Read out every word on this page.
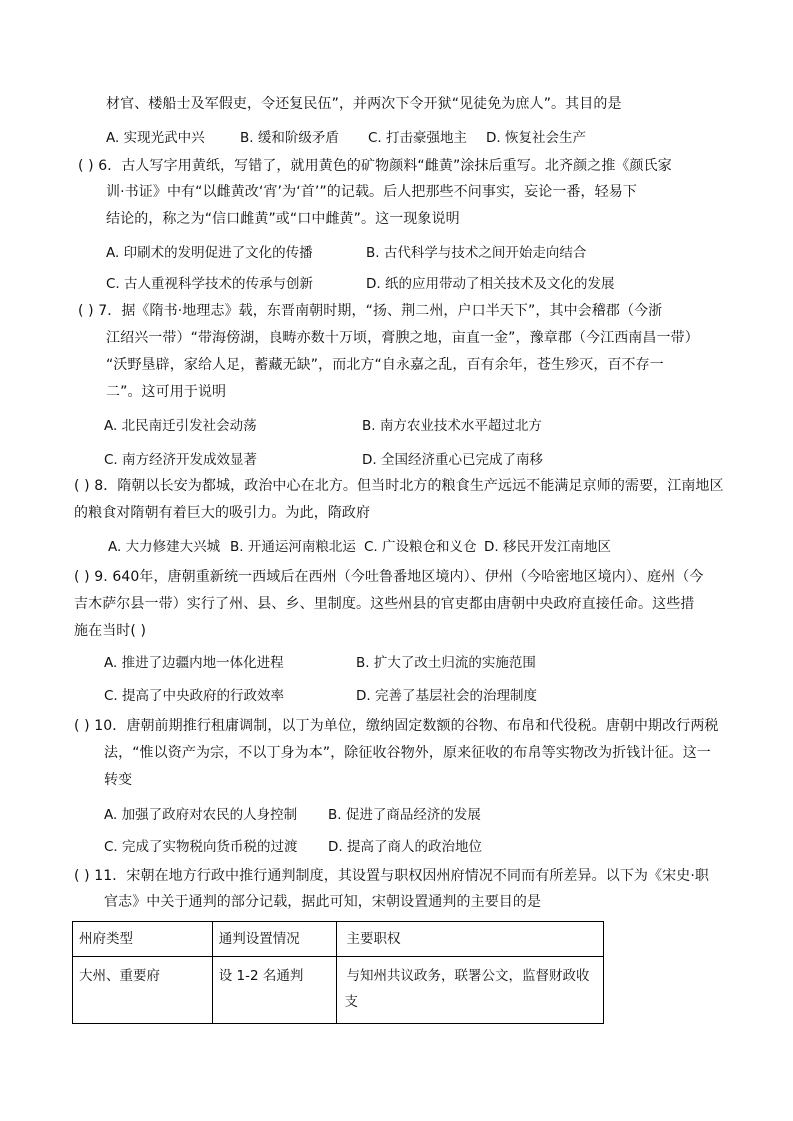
材官、楼船士及军假吏，令还复民伍”，并两次下令开狱“见徒免为庶人”。其目的是
A. 实现光武中兴	B. 缓和阶级矛盾 C. 打击豪强地主 D. 恢复社会生产
( ) 6．古人写字用黄纸，写错了，就用黄色的矿物颜料“雌黄”涂抹后重写。北齐颜之推《颜氏家
训·书证》中有“以雌黄改‘宵’为‘首’”的记载。后人把那些不问事实，妄论一番，轻易下
结论的，称之为“信口雌黄”或“口中雌黄”。这一现象说明
A. 印刷术的发明促进了文化的传播	B. 古代科学与技术之间开始走向结合
C. 古人重视科学技术的传承与创新	D. 纸的应用带动了相关技术及文化的发展
( ) 7．据《隋书·地理志》载，东晋南朝时期，“扬、荆二州，户口半天下”，其中会稽郡（今浙
江绍兴一带）“带海傍湖，良畴亦数十万顷，膏腴之地，亩直一金”，豫章郡（今江西南昌一带）
“沃野垦辟，家给人足，蓄藏无缺”，而北方“自永嘉之乱，百有余年，苍生殄灭，百不存一
二”。这可用于说明
A. 北民南迁引发社会动荡	B. 南方农业技术水平超过北方
C. 南方经济开发成效显著	D. 全国经济重心已完成了南移
( ) 8．隋朝以长安为都城，政治中心在北方。但当时北方的粮食生产远远不能满足京师的需要，江南地区
的粮食对隋朝有着巨大的吸引力。为此，隋政府
A. 大力修建大兴城 B. 开通运河南粮北运 C. 广设粮仓和义仓 D. 移民开发江南地区
( ) 9. 640年，唐朝重新统一西域后在西州（今吐鲁番地区境内）、伊州（今哈密地区境内）、庭州（今
吉木萨尔县一带）实行了州、县、乡、里制度。这些州县的官吏都由唐朝中央政府直接任命。这些措
施在当时( )
A. 推进了边疆内地一体化进程	B. 扩大了改土归流的实施范围
C. 提高了中央政府的行政效率	D. 完善了基层社会的治理制度
( ) 10．唐朝前期推行租庸调制，以丁为单位，缴纳固定数额的谷物、布帛和代役税。唐朝中期改行两税
法，“惟以资产为宗，不以丁身为本”，除征收谷物外，原来征收的布帛等实物改为折钱计征。这一
转变
A. 加强了政府对农民的人身控制 B. 促进了商品经济的发展
C. 完成了实物税向货币税的过渡 D. 提高了商人的政治地位
( ) 11．宋朝在地方行政中推行通判制度，其设置与职权因州府情况不同而有所差异。以下为《宋史·职
官志》中关于通判的部分记载，据此可知，宋朝设置通判的主要目的是
州府类型	通判设置情况	主要职权
大州、重要府	设 1-2 名通判	与知州共议政务，联署公文，监督财政收支
